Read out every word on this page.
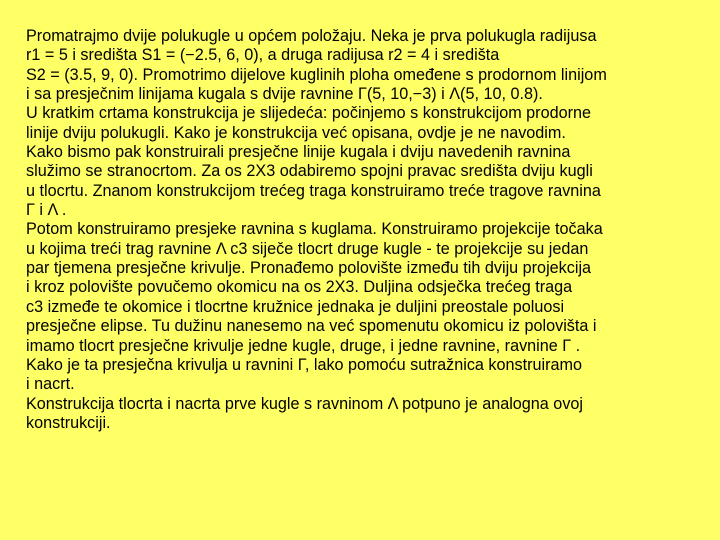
Promatrajmo dvije polukugle u općem položaju. Neka je prva polukugla radijusa
r1 = 5 i središta S1 = (−2.5, 6, 0), a druga radijusa r2 = 4 i središta
S2 = (3.5, 9, 0). Promotrimo dijelove kuglinih ploha omeđene s prodornom linijom
i sa presječnim linijama kugala s dvije ravnine Γ(5, 10,−3) i Λ(5, 10, 0.8).
U kratkim crtama konstrukcija je slijedeća: počinjemo s konstrukcijom prodorne
linije dviju polukugli. Kako je konstrukcija već opisana, ovdje je ne navodim.
Kako bismo pak konstruirali presječne linije kugala i dviju navedenih ravnina
služimo se stranocrtom. Za os 2X3 odabiremo spojni pravac središta dviju kugli
u tlocrtu. Znanom konstrukcijom trećeg traga konstruiramo treće tragove ravnina
Γ i Λ .
Potom konstruiramo presjeke ravnina s kuglama. Konstruiramo projekcije točaka
u kojima treći trag ravnine Λ c3 siječe tlocrt druge kugle - te projekcije su jedan
par tjemena presječne krivulje. Pronađemo polovište između tih dviju projekcija
i kroz polovište povučemo okomicu na os 2X3. Duljina odsječka trećeg traga
c3 izmeđe te okomice i tlocrtne kružnice jednaka je duljini preostale poluosi
presječne elipse. Tu dužinu nanesemo na već spomenutu okomicu iz polovišta i
imamo tlocrt presječne krivulje jedne kugle, druge, i jedne ravnine, ravnine Γ .
Kako je ta presječna krivulja u ravnini Γ, lako pomoću sutražnica konstruiramo
i nacrt.
Konstrukcija tlocrta i nacrta prve kugle s ravninom Λ potpuno je analogna ovoj
konstrukciji.
